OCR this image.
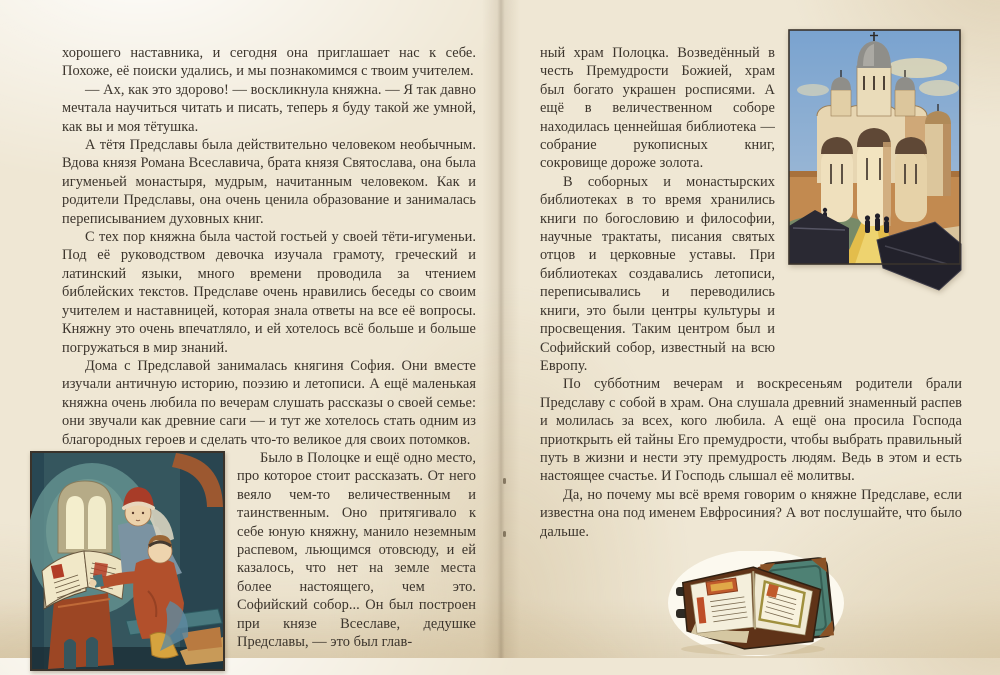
хорошего наставника, и сегодня она приглашает нас к себе. Похоже, её поиски удались, и мы познакомимся с твоим учителем.

— Ах, как это здорово! — воскликнула княжна. — Я так давно мечтала научиться читать и писать, теперь я буду такой же умной, как вы и моя тётушка.

А тётя Предславы была действительно человеком необычным. Вдова князя Романа Всеславича, брата князя Святослава, она была игуменьей монастыря, мудрым, начитанным человеком. Как и родители Предславы, она очень ценила образование и занималась переписыванием духовных книг.

С тех пор княжна была частой гостьей у своей тёти-игуменьи. Под её руководством девочка изучала грамоту, греческий и латинский языки, много времени проводила за чтением библейских текстов. Предславе очень нравились беседы со своим учителем и наставницей, которая знала ответы на все её вопросы. Княжну это очень впечатляло, и ей хотелось всё больше и больше погружаться в мир знаний.

Дома с Предславой занималась княгиня София. Они вместе изучали античную историю, поэзию и летописи. А ещё маленькая княжна очень любила по вечерам слушать рассказы о своей семье: они звучали как древние саги — и тут же хотелось стать одним из благородных героев и сделать что-то великое для своих потомков.

Было в Полоцке и ещё одно место, про которое стоит рассказать. От него веяло чем-то величественным и таинственным. Оно притягивало к себе юную княжну, манило неземным распевом, льющимся отовсюду, и ей казалось, что нет на земле места более настоящего, чем это. Софийский собор... Он был построен при князе Всеславе, дедушке Предславы, — это был глав-

ный храм Полоцка. Возведённый в честь Премудрости Божией, храм был богато украшен росписями. А ещё в величественном соборе находилась ценнейшая библиотека — собрание рукописных книг, сокровище дороже золота.

В соборных и монастырских библиотеках в то время хранились книги по богословию и философии, научные трактаты, писания святых отцов и церковные уставы. При библиотеках создавались летописи, переписывались и переводились книги, это были центры культуры и просвещения. Таким центром был и Софийский собор, известный на всю Европу.

По субботним вечерам и воскресеньям родители брали Предславу с собой в храм. Она слушала древний знаменный распев и молилась за всех, кого любила. А ещё она просила Господа приоткрыть ей тайны Его премудрости, чтобы выбрать правильный путь в жизни и нести эту премудрость людям. Ведь в этом и есть настоящее счастье. И Господь слышал её молитвы.

Да, но почему мы всё время говорим о княжне Предславе, если известна она под именем Евфросиния? А вот послушайте, что было дальше.
